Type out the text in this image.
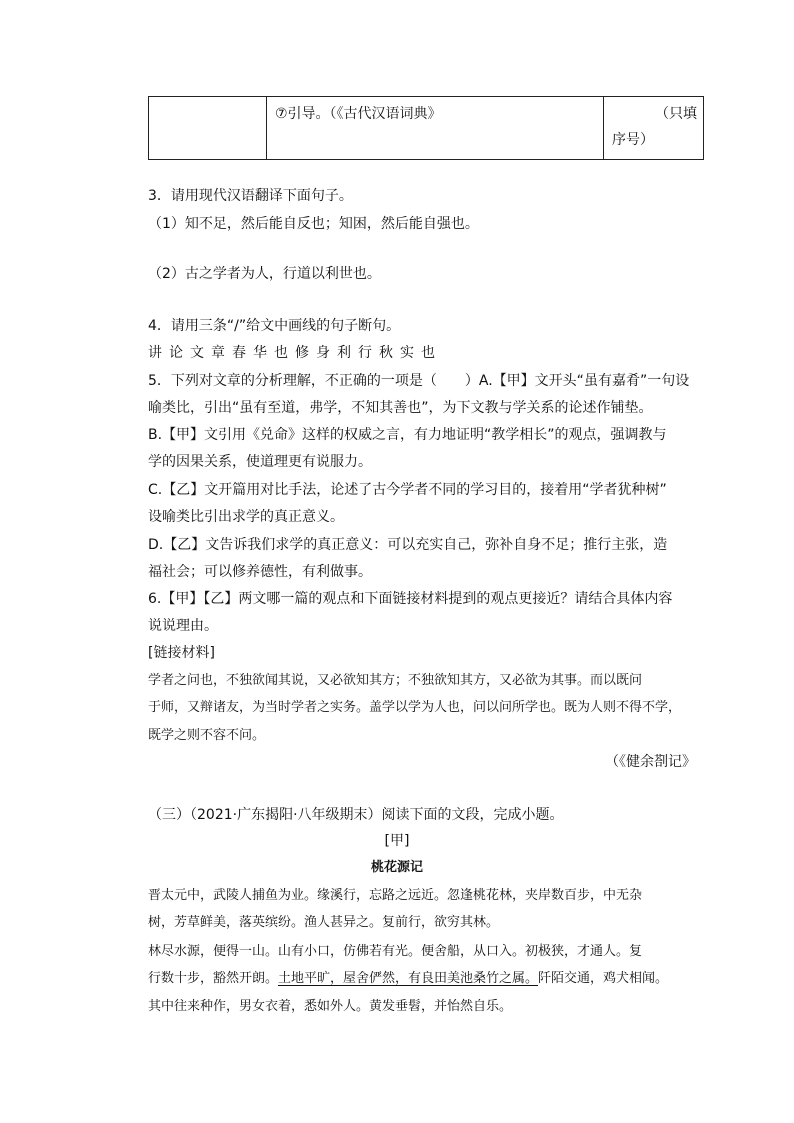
	⑦引导。（《古代汉语词典》	（只填
序号）
3．请用现代汉语翻译下面句子。
（1）知不足，然后能自反也；知困，然后能自强也。
（2）古之学者为人，行道以利世也。
4．请用三条“/”给文中画线的句子断句。
讲论文章春华也修身利行秋实也
5．下列对文章的分析理解，不正确的一项是（　　）A.【甲】文开头“虽有嘉肴”一句设
喻类比，引出“虽有至道，弗学，不知其善也”，为下文教与学关系的论述作铺垫。
B.【甲】文引用《兑命》这样的权威之言，有力地证明“教学相长”的观点，强调教与
学的因果关系，使道理更有说服力。
C.【乙】文开篇用对比手法，论述了古今学者不同的学习目的，接着用“学者犹种树”
设喻类比引出求学的真正意义。
D.【乙】文告诉我们求学的真正意义：可以充实自己，弥补自身不足；推行主张，造
福社会；可以修养德性，有利做事。
6.【甲】【乙】两文哪一篇的观点和下面链接材料提到的观点更接近？请结合具体内容
说说理由。
[链接材料]
学者之问也，不独欲闻其说，又必欲知其方；不独欲知其方，又必欲为其事。而以既问
于师，又辩诸友，为当时学者之实务。盖学以学为人也，问以问所学也。既为人则不得不学，
既学之则不容不问。
（《健余剳记》
（三）（2021·广东揭阳·八年级期末）阅读下面的文段，完成小题。
[甲]
桃花源记
晋太元中，武陵人捕鱼为业。缘溪行，忘路之远近。忽逢桃花林，夹岸数百步，中无杂
树，芳草鲜美，落英缤纷。渔人甚异之。复前行，欲穷其林。
林尽水源，便得一山。山有小口，仿佛若有光。便舍船，从口入。初极狭，才通人。复
行数十步，豁然开朗。土地平旷，屋舍俨然，有良田美池桑竹之属。阡陌交通，鸡犬相闻。
其中往来种作，男女衣着，悉如外人。黄发垂髫，并怡然自乐。
